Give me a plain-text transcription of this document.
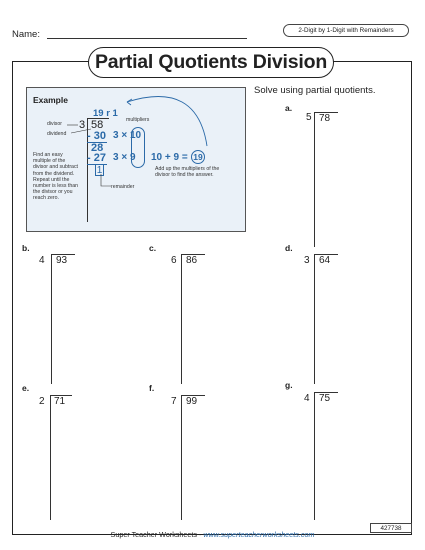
Name:	2-Digit by 1-Digit with Remainders
Partial Quotients Division
Solve using partial quotients.
Example
19 r 1
divisor
dividend
3 58
- 30
28
- 27
1
multipliers
3 × 10
3 × 9 10 + 9 = 19
Add up the multipliers of the divisor to find the answer.
remainder
Find an easy multiple of the divisor and subtract from the dividend. Repeat until the number is less than the divisor or you reach zero.
a.
5 78
b.
4 93
c.
6 86
d.
3 64
e.
2 71
f.
7 99
g.
4 75
Super Teacher Worksheets - www.superteacherworksheets.com
427738
